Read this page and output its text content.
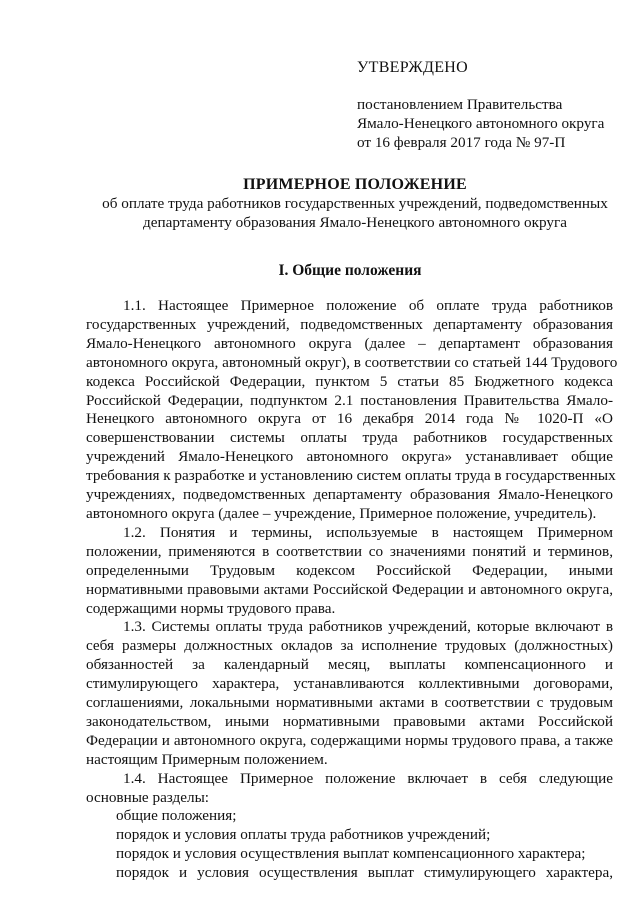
УТВЕРЖДЕНО
постановлением Правительства
Ямало-Ненецкого автономного округа
от 16 февраля 2017 года № 97-П
ПРИМЕРНОЕ ПОЛОЖЕНИЕ
об оплате труда работников государственных учреждений, подведомственных
департаменту образования Ямало-Ненецкого автономного округа
I. Общие положения
1.1. Настоящее Примерное положение об оплате труда работников
государственных учреждений, подведомственных департаменту образования
Ямало-Ненецкого автономного округа (далее – департамент образования
автономного округа, автономный округ), в соответствии со статьей 144 Трудового
кодекса Российской Федерации, пунктом 5 статьи 85 Бюджетного кодекса
Российской Федерации, подпунктом 2.1 постановления Правительства Ямало-
Ненецкого автономного округа от 16 декабря 2014 года № 1020-П «О
совершенствовании системы оплаты труда работников государственных
учреждений Ямало-Ненецкого автономного округа» устанавливает общие
требования к разработке и установлению систем оплаты труда в государственных
учреждениях, подведомственных департаменту образования Ямало-Ненецкого
автономного округа (далее – учреждение, Примерное положение, учредитель).
1.2. Понятия и термины, используемые в настоящем Примерном
положении, применяются в соответствии со значениями понятий и терминов,
определенными Трудовым кодексом Российской Федерации, иными
нормативными правовыми актами Российской Федерации и автономного округа,
содержащими нормы трудового права.
1.3. Системы оплаты труда работников учреждений, которые включают в
себя размеры должностных окладов за исполнение трудовых (должностных)
обязанностей за календарный месяц, выплаты компенсационного и
стимулирующего характера, устанавливаются коллективными договорами,
соглашениями, локальными нормативными актами в соответствии с трудовым
законодательством, иными нормативными правовыми актами Российской
Федерации и автономного округа, содержащими нормы трудового права, а также
настоящим Примерным положением.
1.4. Настоящее Примерное положение включает в себя следующие
основные разделы:
общие положения;
порядок и условия оплаты труда работников учреждений;
порядок и условия осуществления выплат компенсационного характера;
порядок и условия осуществления выплат стимулирующего характера,
